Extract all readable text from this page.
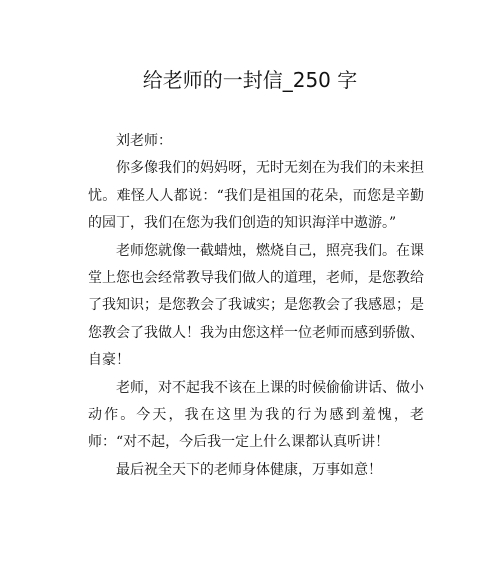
给老师的一封信_250 字

刘老师：

你多像我们的妈妈呀，无时无刻在为我们的未来担忧。难怪人人都说：“我们是祖国的花朵，而您是辛勤的园丁，我们在您为我们创造的知识海洋中遨游。”

老师您就像一截蜡烛，燃烧自己，照亮我们。在课堂上您也会经常教导我们做人的道理，老师，是您教给了我知识；是您教会了我诚实；是您教会了我感恩；是您教会了我做人！我为由您这样一位老师而感到骄傲、自豪！

老师，对不起我不该在上课的时候偷偷讲话、做小动作。今天，我在这里为我的行为感到羞愧，老师：“对不起，今后我一定上什么课都认真听讲！

最后祝全天下的老师身体健康，万事如意！
